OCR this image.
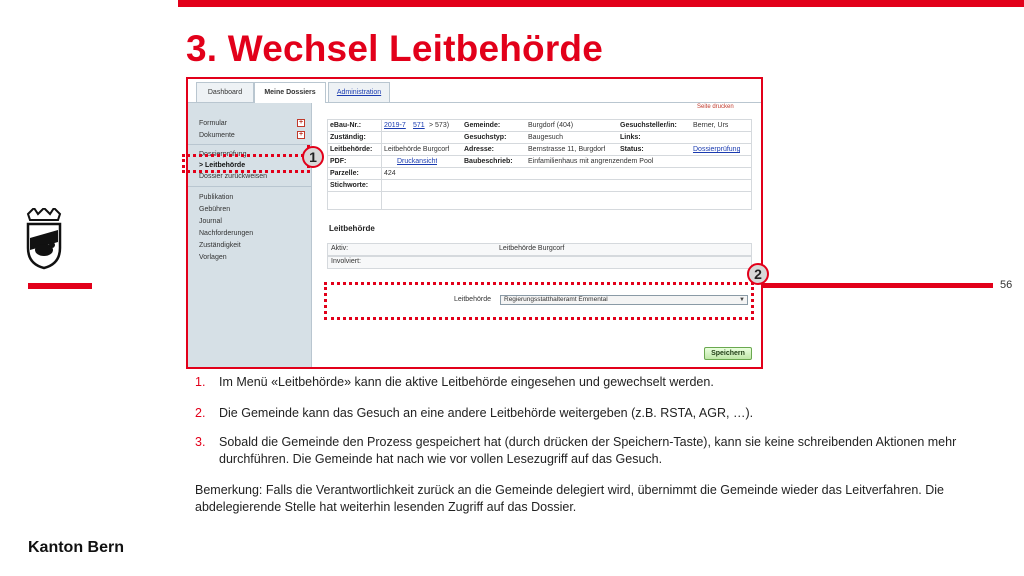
3. Wechsel Leitbehörde
56
Kanton Bern
Dashboard	Meine Dossiers	Administration
Formular	+
Dokumente	+
Dossierprüfung
> Leitbehörde
Dossier zurückweisen
Publikation
Gebühren
Journal
Nachforderungen
Zuständigkeit
Vorlagen
Seite drucken
eBau-Nr.:	2019-7 571 > 573) Gemeinde:	Burgdorf (404)	Gesuchsteller/in: Berner, Urs
Zuständig:	Gesuchstyp:	Baugesuch	Links:
Leitbehörde: Leitbehörde Burgcorf Adresse:	Bernstrasse 11, Burgdorf Status:	Dossierprüfung
PDF:	Druckansicht	Baubeschrieb: Einfamilienhaus mit angrenzendem Pool
Parzelle:	424
Stichworte:
Leitbehörde
Aktiv:	Leitbehörde Burgcorf
Involviert:
Leitbehörde	Regierungsstatthalteramt Emmental	▼
Speichern
1
2
1. Im Menü «Leitbehörde» kann die aktive Leitbehörde eingesehen und gewechselt werden.
2. Die Gemeinde kann das Gesuch an eine andere Leitbehörde weitergeben (z.B. RSTA, AGR, …).
3. Sobald die Gemeinde den Prozess gespeichert hat (durch drücken der Speichern-Taste), kann sie keine schreibenden Aktionen mehr durchführen. Die Gemeinde hat nach wie vor vollen Lesezugriff auf das Gesuch.
Bemerkung: Falls die Verantwortlichkeit zurück an die Gemeinde delegiert wird, übernimmt die Gemeinde wieder das Leitverfahren. Die abdelegierende Stelle hat weiterhin lesenden Zugriff auf das Dossier.
